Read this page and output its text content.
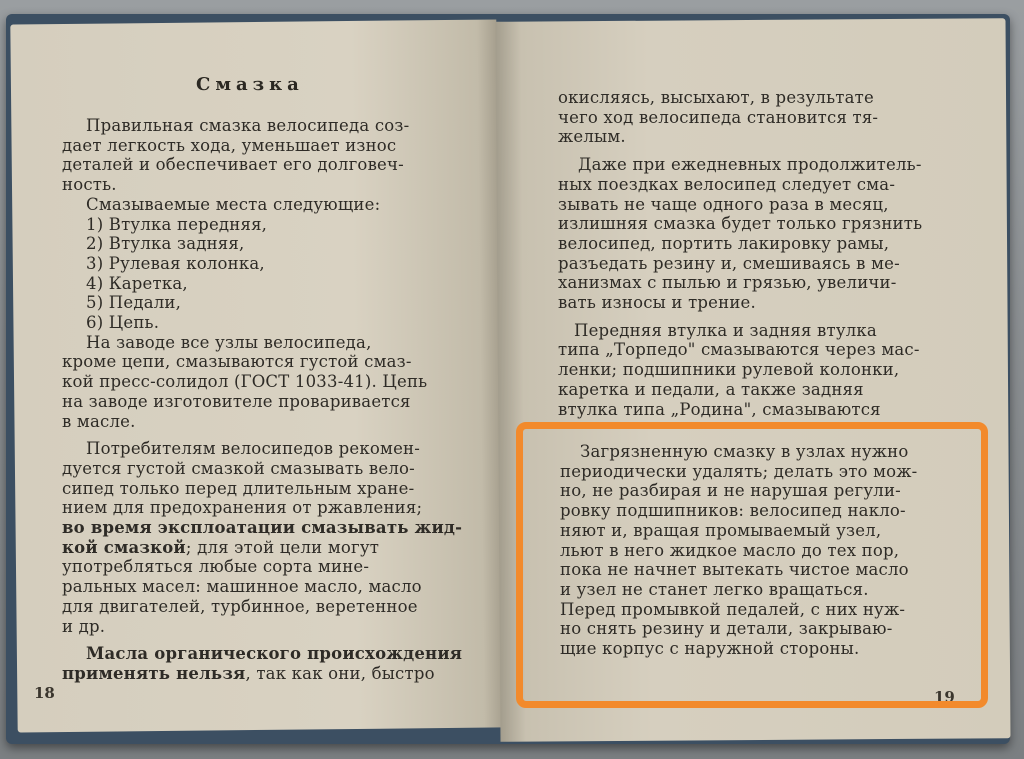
Смазка
Правильная смазка велосипеда соз-
дает легкость хода, уменьшает износ
деталей и обеспечивает его долговеч-
ность.
Смазываемые места следующие:
1) Втулка передняя,
2) Втулка задняя,
3) Рулевая колонка,
4) Каретка,
5) Педали,
6) Цепь.
На заводе все узлы велосипеда,
кроме цепи, смазываются густой смаз-
кой пресс-солидол (ГОСТ 1033-41). Цепь
на заводе изготовителе проваривается
в масле.
Потребителям велосипедов рекомен-
дуется густой смазкой смазывать вело-
сипед только перед длительным хране-
нием для предохранения от ржавления;
во время эксплоатации смазывать жид-
кой смазкой; для этой цели могут
употребляться любые сорта мине-
ральных масел: машинное масло, масло
для двигателей, турбинное, веретенное
и др.
Масла органического происхождения
применять нельзя, так как они, быстро
18
окисляясь, высыхают, в результате
чего ход велосипеда становится тя-
желым.
Даже при ежедневных продолжитель-
ных поездках велосипед следует сма-
зывать не чаще одного раза в месяц,
излишняя смазка будет только грязнить
велосипед, портить лакировку рамы,
разъедать резину и, смешиваясь в ме-
ханизмах с пылью и грязью, увеличи-
вать износы и трение.
Передняя втулка и задняя втулка
типа „Торпедо" смазываются через мас-
ленки; подшипники рулевой колонки,
каретка и педали, а также задняя
втулка типа „Родина", смазываются
Загрязненную смазку в узлах нужно
периодически удалять; делать это мож-
но, не разбирая и не нарушая регули-
ровку подшипников: велосипед накло-
няют и, вращая промываемый узел,
льют в него жидкое масло до тех пор,
пока не начнет вытекать чистое масло
и узел не станет легко вращаться.
Перед промывкой педалей, с них нуж-
но снять резину и детали, закрываю-
щие корпус с наружной стороны.
19
